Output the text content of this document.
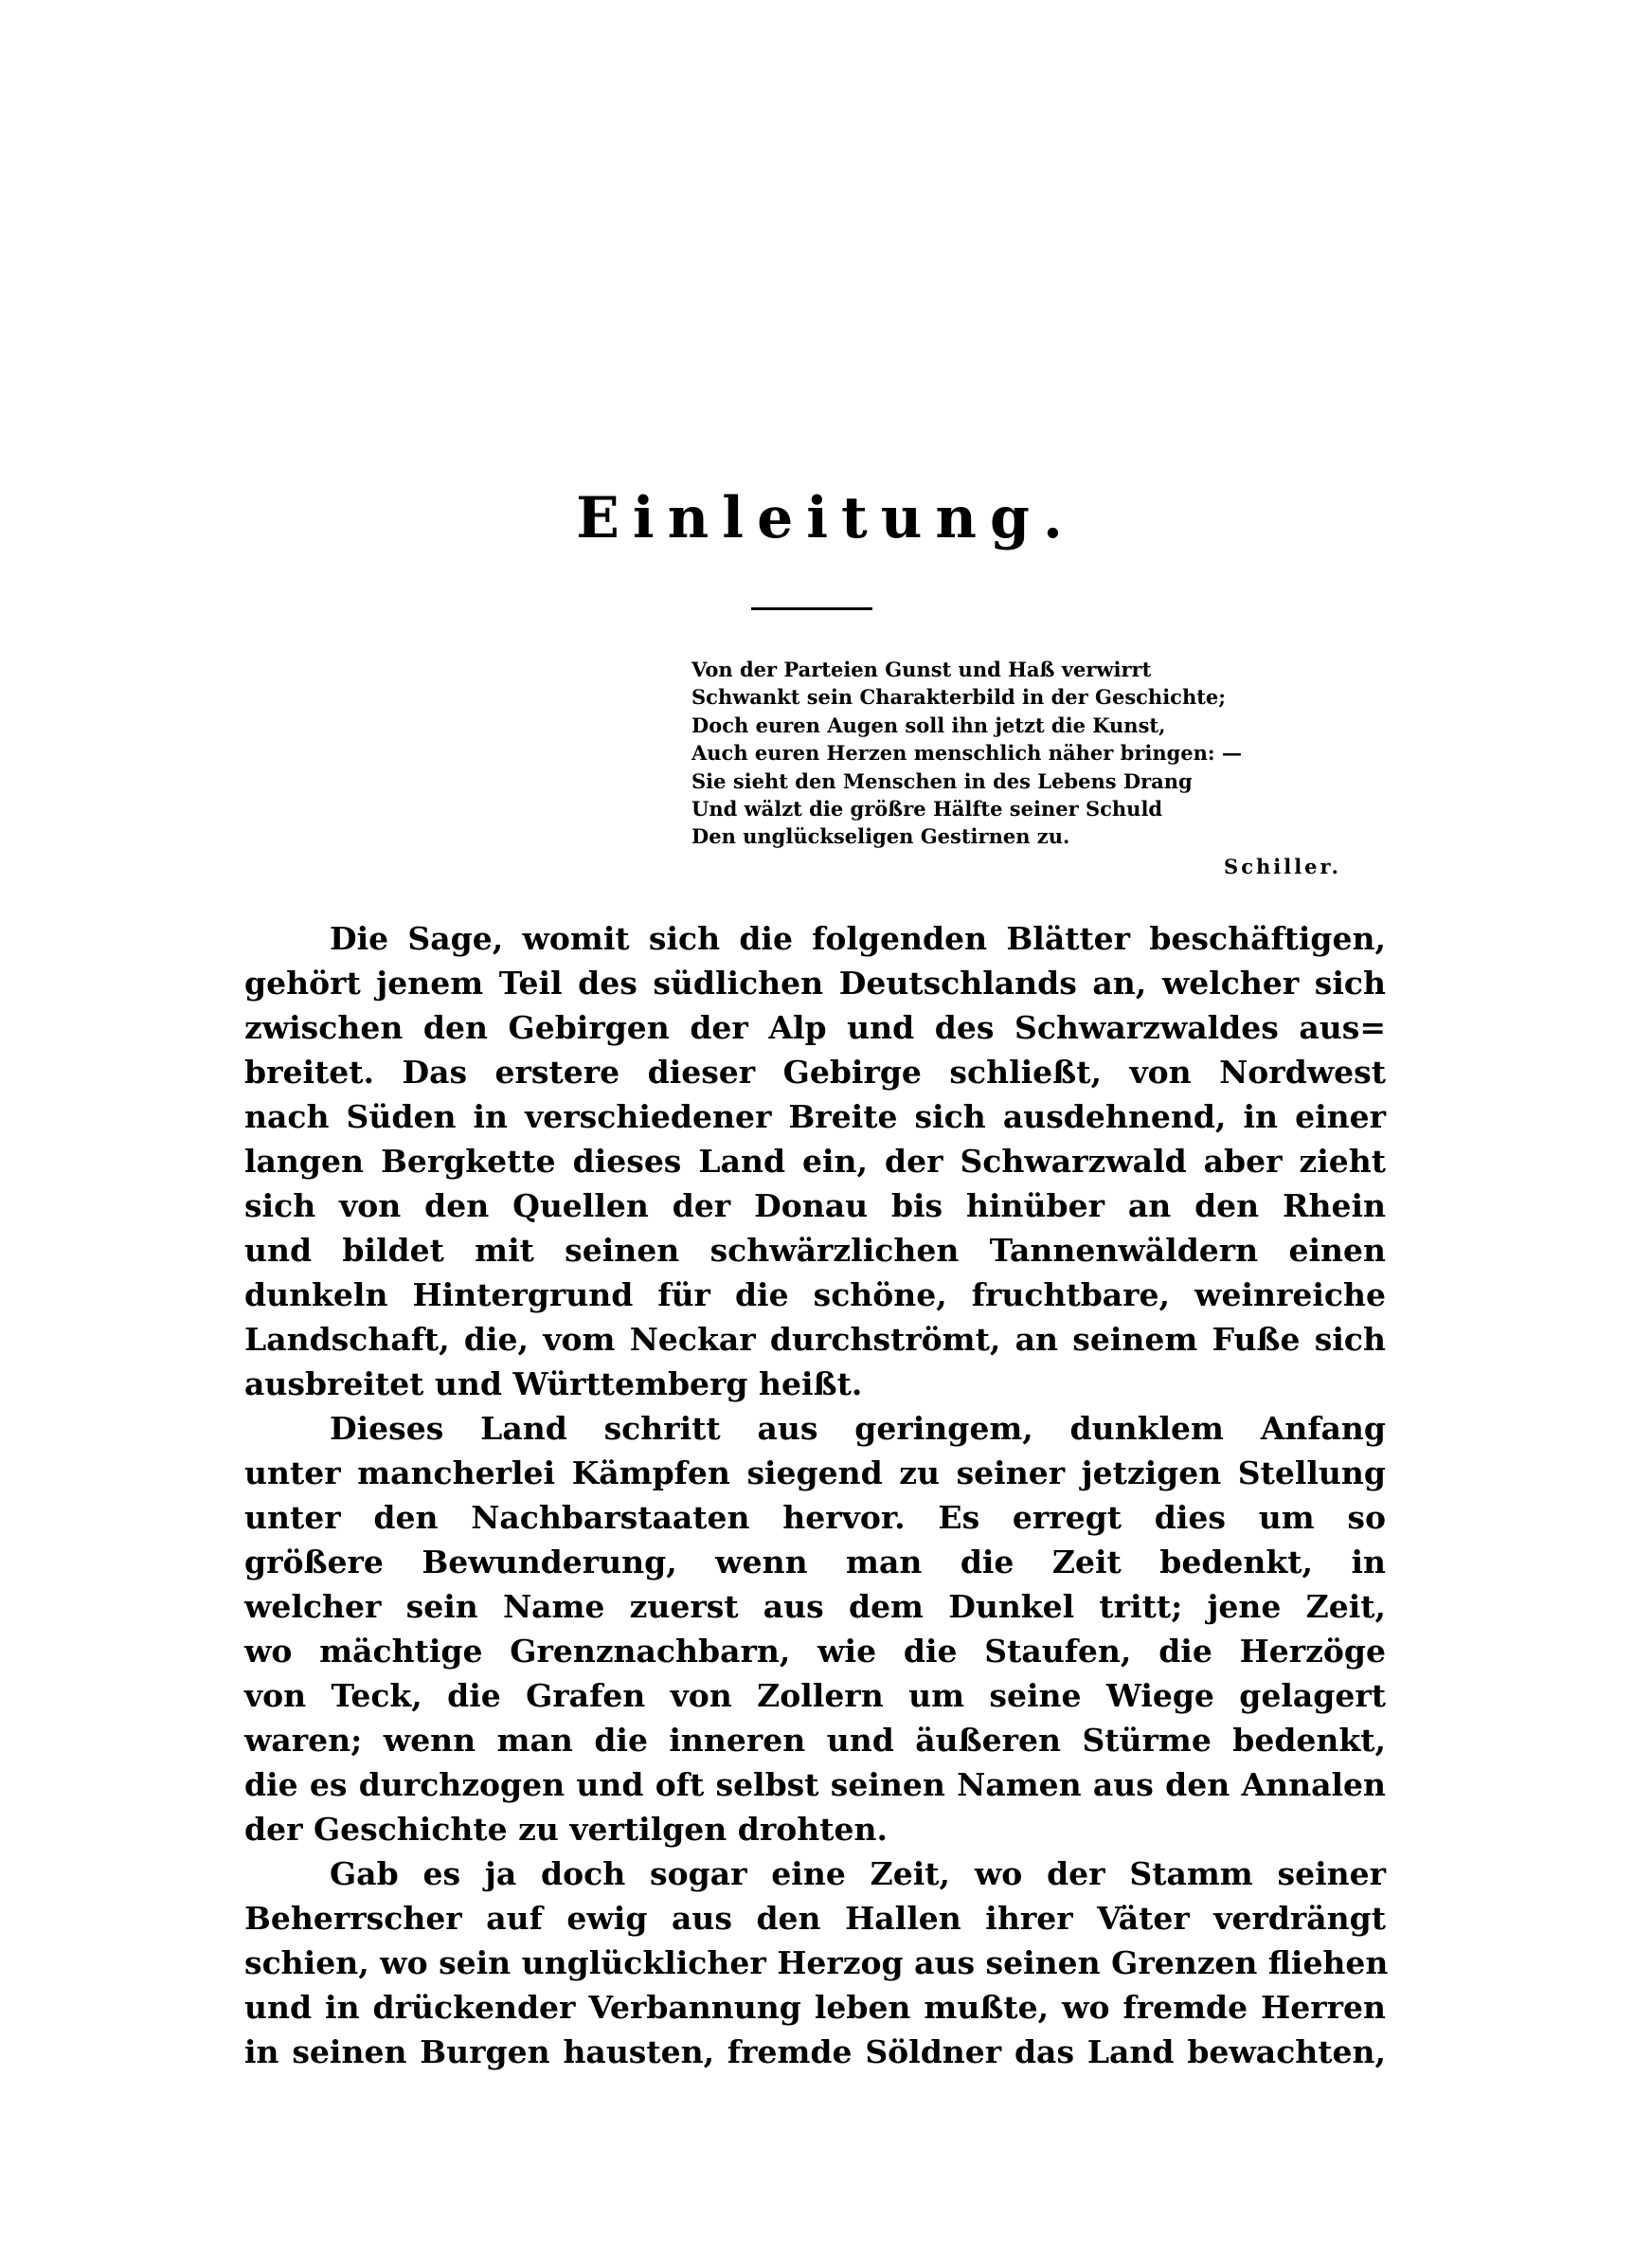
Einleitung.
Von der Parteien Gunst und Haß verwirrt
Schwankt sein Charakterbild in der Geschichte;
Doch euren Augen soll ihn jetzt die Kunst,
Auch euren Herzen menschlich näher bringen: —
Sie sieht den Menschen in des Lebens Drang
Und wälzt die größre Hälfte seiner Schuld
Den unglückseligen Gestirnen zu.
Schiller.
Die Sage, womit sich die folgenden Blätter beschäftigen,
gehört jenem Teil des südlichen Deutschlands an, welcher sich
zwischen den Gebirgen der Alp und des Schwarzwaldes aus=
breitet. Das erstere dieser Gebirge schließt, von Nordwest
nach Süden in verschiedener Breite sich ausdehnend, in einer
langen Bergkette dieses Land ein, der Schwarzwald aber zieht
sich von den Quellen der Donau bis hinüber an den Rhein
und bildet mit seinen schwärzlichen Tannenwäldern einen
dunkeln Hintergrund für die schöne, fruchtbare, weinreiche
Landschaft, die, vom Neckar durchströmt, an seinem Fuße sich
ausbreitet und Württemberg heißt.
Dieses Land schritt aus geringem, dunklem Anfang
unter mancherlei Kämpfen siegend zu seiner jetzigen Stellung
unter den Nachbarstaaten hervor. Es erregt dies um so
größere Bewunderung, wenn man die Zeit bedenkt, in
welcher sein Name zuerst aus dem Dunkel tritt; jene Zeit,
wo mächtige Grenznachbarn, wie die Staufen, die Herzöge
von Teck, die Grafen von Zollern um seine Wiege gelagert
waren; wenn man die inneren und äußeren Stürme bedenkt,
die es durchzogen und oft selbst seinen Namen aus den Annalen
der Geschichte zu vertilgen drohten.
Gab es ja doch sogar eine Zeit, wo der Stamm seiner
Beherrscher auf ewig aus den Hallen ihrer Väter verdrängt
schien, wo sein unglücklicher Herzog aus seinen Grenzen fliehen
und in drückender Verbannung leben mußte, wo fremde Herren
in seinen Burgen hausten, fremde Söldner das Land bewachten,
